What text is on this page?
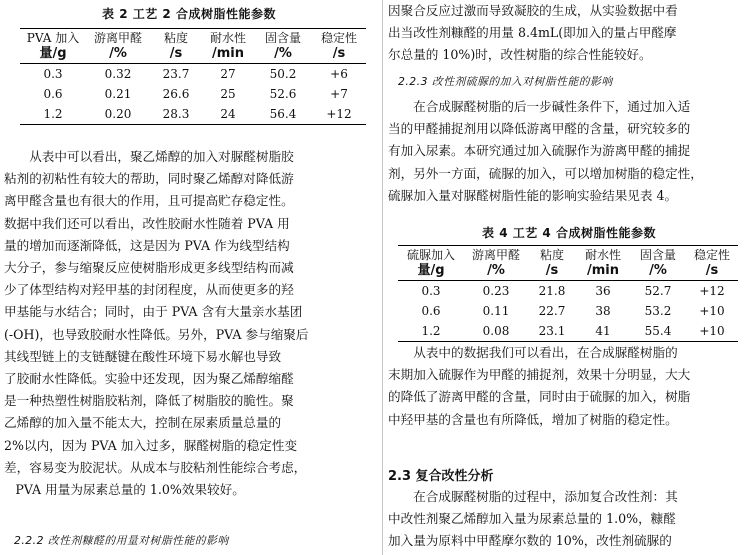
表 2 工艺 2 合成树脂性能参数
PVA 加入	游离甲醛	粘度	耐水性	固含量	稳定性
量/g	/%	/s	/min	/%	/s
0.3	0.32	23.7	27	50.2	+6
0.6	0.21	26.6	25	52.6	+7
1.2	0.20	28.3	24	56.4	+12
从表中可以看出，聚乙烯醇的加入对脲醛树脂胶
粘剂的初粘性有较大的帮助，同时聚乙烯醇对降低游
离甲醛含量也有很大的作用，且可提高贮存稳定性。
数据中我们还可以看出，改性胶耐水性随着 PVA 用
量的增加而逐渐降低，这是因为 PVA 作为线型结构
大分子，参与缩聚反应使树脂形成更多线型结构而减
少了体型结构对羟甲基的封闭程度，从而使更多的羟
甲基能与水结合；同时，由于 PVA 含有大量亲水基团
(-OH)，也导致胶耐水性降低。另外，PVA 参与缩聚后
其线型链上的支链醚键在酸性环境下易水解也导致
了胶耐水性降低。实验中还发现，因为聚乙烯醇缩醛
是一种热塑性树脂胶粘剂，降低了树脂胶的脆性。聚
乙烯醇的加入量不能太大，控制在尿素质量总量的
2%以内，因为 PVA 加入过多，脲醛树脂的稳定性变
差，容易变为胶泥状。从成本与胶粘剂性能综合考虑，
PVA 用量为尿素总量的 1.0%效果较好。
2.2.2 改性剂糠醛的用量对树脂性能的影响
因聚合反应过激而导致凝胶的生成，从实验数据中看
出当改性剂糠醛的用量 8.4mL(即加入的量占甲醛摩
尔总量的 10%)时，改性树脂的综合性能较好。
2.2.3 改性剂硫脲的加入对树脂性能的影响
在合成脲醛树脂的后一步碱性条件下，通过加入适
当的甲醛捕捉剂用以降低游离甲醛的含量，研究较多的
有加入尿素。本研究通过加入硫脲作为游离甲醛的捕捉
剂，另外一方面，硫脲的加入，可以增加树脂的稳定性，
硫脲加入量对脲醛树脂性能的影响实验结果见表 4。
表 4 工艺 4 合成树脂性能参数
硫脲加入	游离甲醛	粘度	耐水性	固含量	稳定性
量/g	/%	/s	/min	/%	/s
0.3	0.23	21.8	36	52.7	+12
0.6	0.11	22.7	38	53.2	+10
1.2	0.08	23.1	41	55.4	+10
从表中的数据我们可以看出，在合成脲醛树脂的
末期加入硫脲作为甲醛的捕捉剂，效果十分明显，大大
的降低了游离甲醛的含量，同时由于硫脲的加入，树脂
中羟甲基的含量也有所降低，增加了树脂的稳定性。
2.3 复合改性分析
在合成脲醛树脂的过程中，添加复合改性剂：其
中改性剂聚乙烯醇加入量为尿素总量的 1.0%，糠醛
加入量为原料中甲醛摩尔数的 10%，改性剂硫脲的
